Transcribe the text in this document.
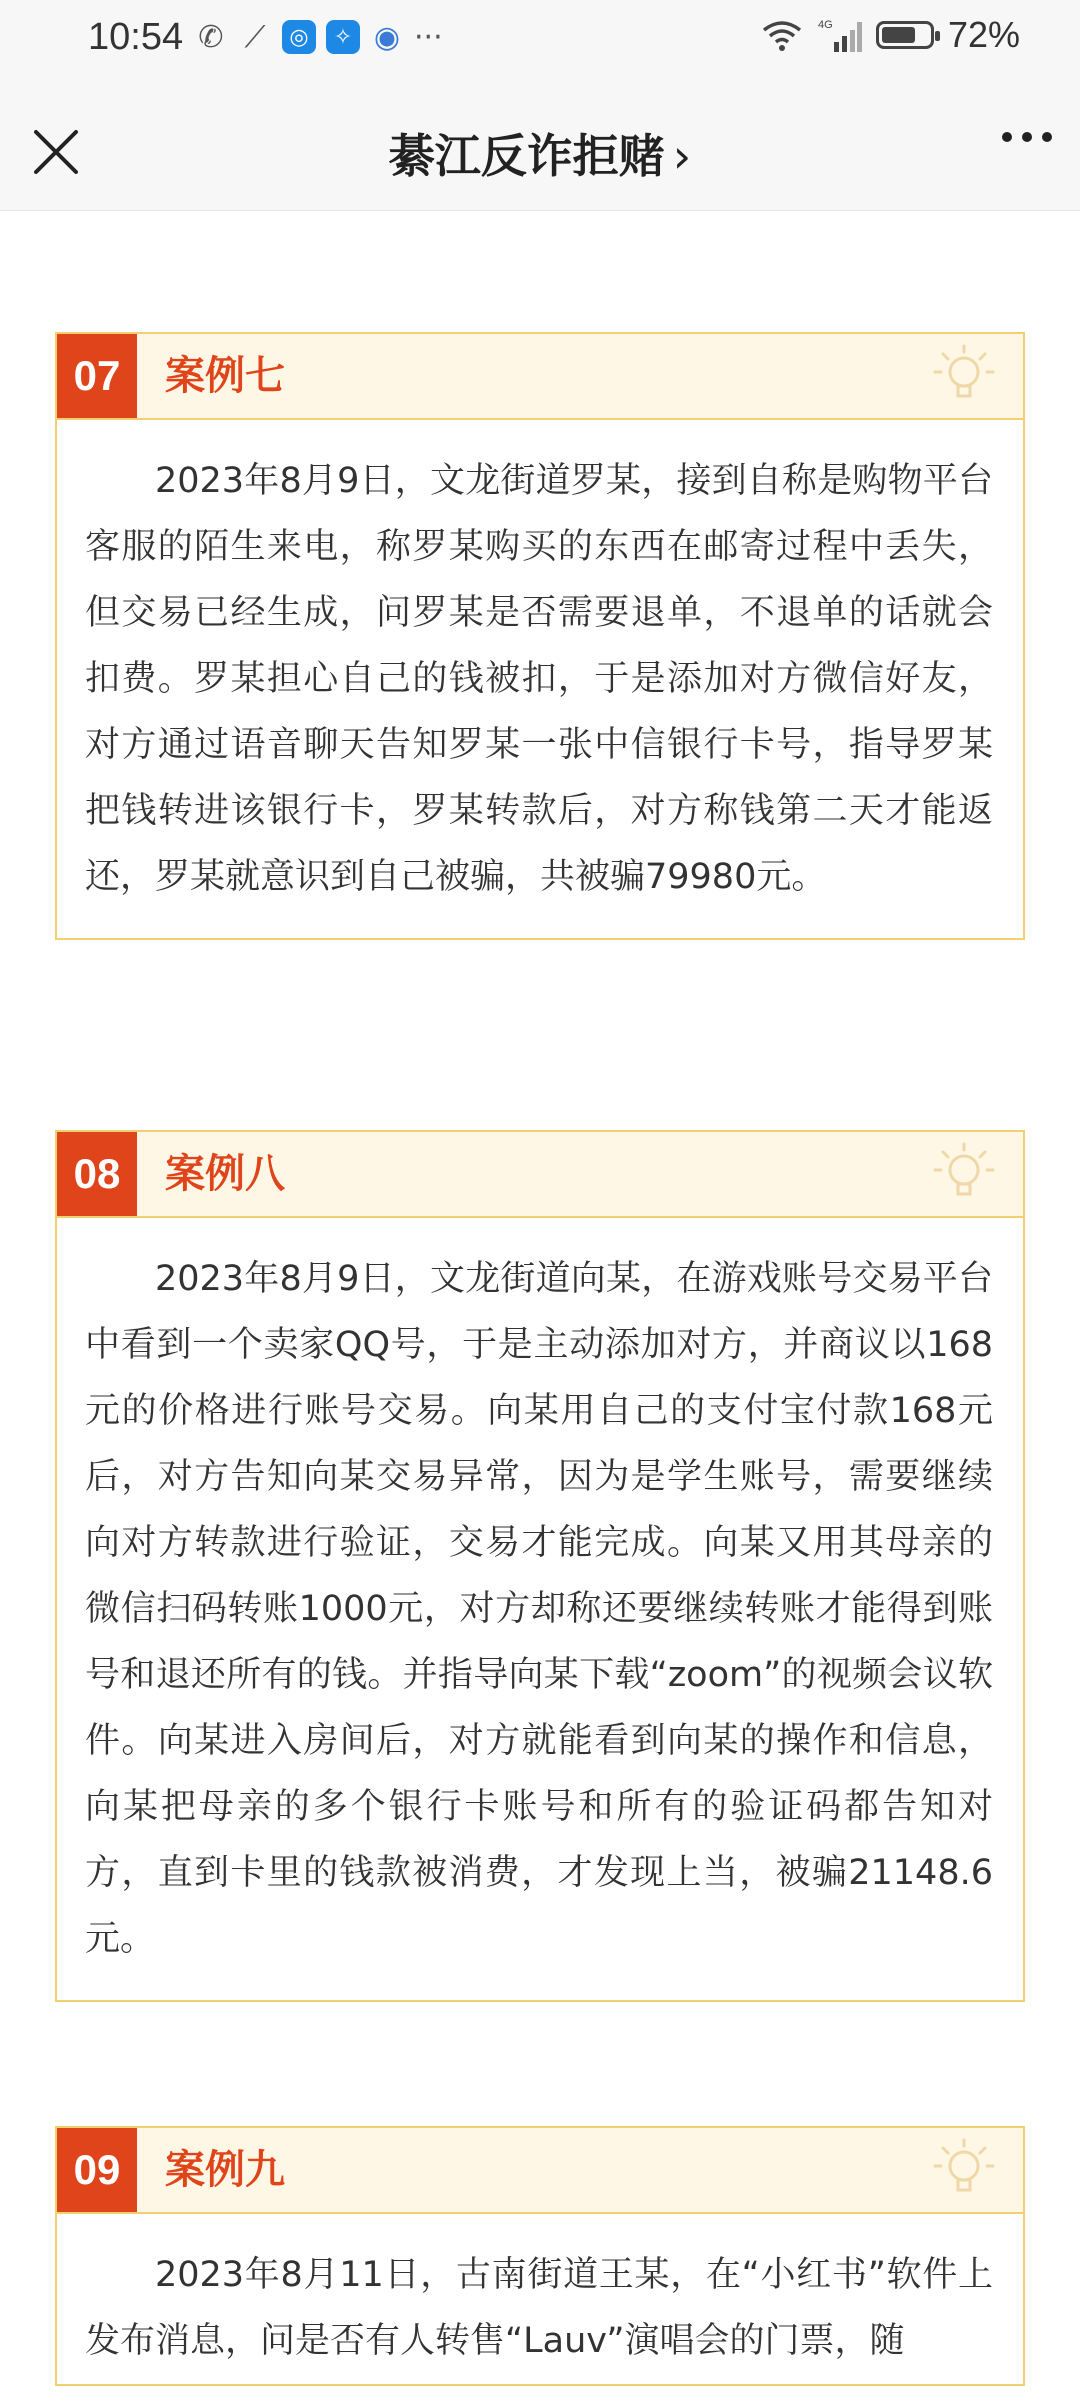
10:54 ✆ ⟋	◎	✧ ◉ ···	4G	72%
綦江反诈拒赌 ›
07	案例七
2023年8月9日，文龙街道罗某，接到自称是购物平台客服的陌生来电，称罗某购买的东西在邮寄过程中丢失，但交易已经生成，问罗某是否需要退单，不退单的话就会扣费。罗某担心自己的钱被扣，于是添加对方微信好友，对方通过语音聊天告知罗某一张中信银行卡号，指导罗某把钱转进该银行卡，罗某转款后，对方称钱第二天才能返还，罗某就意识到自己被骗，共被骗79980元。
08	案例八
2023年8月9日，文龙街道向某，在游戏账号交易平台中看到一个卖家QQ号，于是主动添加对方，并商议以168元的价格进行账号交易。向某用自己的支付宝付款168元后，对方告知向某交易异常，因为是学生账号，需要继续向对方转款进行验证，交易才能完成。向某又用其母亲的微信扫码转账1000元，对方却称还要继续转账才能得到账号和退还所有的钱。并指导向某下载“zoom”的视频会议软件。向某进入房间后，对方就能看到向某的操作和信息，向某把母亲的多个银行卡账号和所有的验证码都告知对方，直到卡里的钱款被消费，才发现上当，被骗21148.6元。
09	案例九
2023年8月11日，古南街道王某，在“小红书”软件上发布消息，问是否有人转售“Lauv”演唱会的门票，随
